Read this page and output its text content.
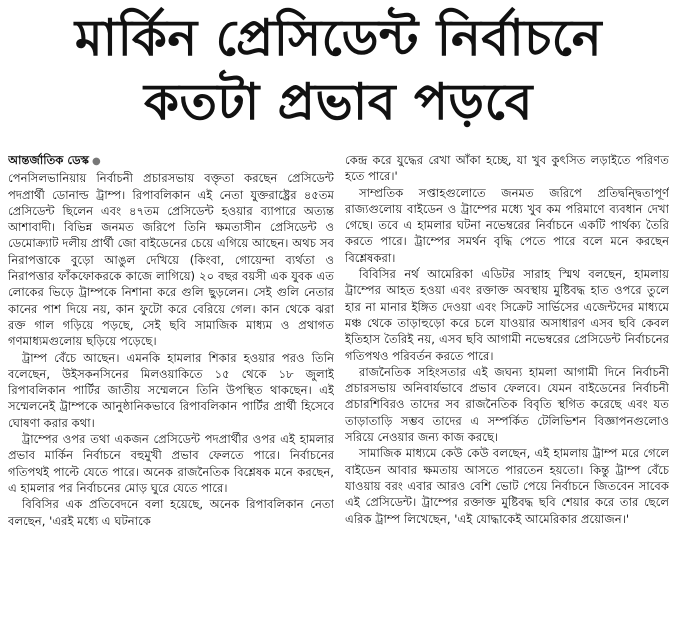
মার্কিন প্রেসিডেন্ট নির্বাচনে
কতটা প্রভাব পড়বে
আন্তর্জাতিক ডেস্ক ●

পেনসিলভানিয়ায় নির্বাচনী প্রচারসভায় বক্তৃতা করছেন প্রেসিডেন্ট পদপ্রার্থী ডোনাল্ড ট্রাম্প। রিপাবলিকান এই নেতা যুক্তরাষ্ট্রের ৪৫তম প্রেসিডেন্ট ছিলেন এবং ৪৭তম প্রেসিডেন্ট হওয়ার ব্যাপারে অত্যন্ত আশাবাদী। বিভিন্ন জনমত জরিপে তিনি ক্ষমতাসীন প্রেসিডেন্ট ও ডেমোক্র্যাট দলীয় প্রার্থী জো বাইডেনের চেয়ে এগিয়ে আছেন। অথচ সব নিরাপত্তাকে বুড়ো আঙুল দেখিয়ে (কিংবা, গোয়েন্দা ব্যর্থতা ও নিরাপত্তার ফাঁকফোকরকে কাজে লাগিয়ে) ২০ বছর বয়সী এক যুবক এত লোকের ভিড়ে ট্রাম্পকে নিশানা করে গুলি ছুড়লেন। সেই গুলি নেতার কানের পাশ দিয়ে নয়, কান ফুটো করে বেরিয়ে গেল। কান থেকে ঝরা রক্ত গাল গড়িয়ে পড়ছে, সেই ছবি সামাজিক মাধ্যম ও প্রথাগত গণমাধ্যমগুলোয় ছড়িয়ে পড়েছে।

ট্রাম্প বেঁচে আছেন। এমনকি হামলার শিকার হওয়ার পরও তিনি বলেছেন, উইসকনসিনের মিলওয়াকিতে ১৫ থেকে ১৮ জুলাই রিপাবলিকান পার্টির জাতীয় সম্মেলনে তিনি উপস্থিত থাকছেন। এই সম্মেলনেই ট্রাম্পকে আনুষ্ঠানিকভাবে রিপাবলিকান পার্টির প্রার্থী হিসেবে ঘোষণা করার কথা।

ট্রাম্পের ওপর তথা একজন প্রেসিডেন্ট পদপ্রার্থীর ওপর এই হামলার প্রভাব মার্কিন নির্বাচনে বহুমুখী প্রভাব ফেলতে পারে। নির্বাচনের গতিপথই পাল্টে যেতে পারে। অনেক রাজনৈতিক বিশ্লেষক মনে করছেন, এ হামলার পর নির্বাচনের মোড় ঘুরে যেতে পারে।

বিবিসির এক প্রতিবেদনে বলা হয়েছে, অনেক রিপাবলিকান নেতা বলছেন, 'এরই মধ্যে এ ঘটনাকে

কেন্দ্র করে যুদ্ধের রেখা আঁকা হচ্ছে, যা খুব কুৎসিত লড়াইতে পরিণত হতে পারে।'

সাম্প্রতিক সপ্তাহগুলোতে জনমত জরিপে প্রতিদ্বন্দ্বিতাপূর্ণ রাজ্যগুলোয় বাইডেন ও ট্রাম্পের মধ্যে খুব কম পরিমাণে ব্যবধান দেখা গেছে। তবে এ হামলার ঘটনা নভেম্বরের নির্বাচনে একটি পার্থক্য তৈরি করতে পারে। ট্রাম্পের সমর্থন বৃদ্ধি পেতে পারে বলে মনে করছেন বিশ্লেষকরা।

বিবিসির নর্থ আমেরিকা এডিটর সারাহ স্মিথ বলছেন, হামলায় ট্রাম্পের আহত হওয়া এবং রক্তাক্ত অবস্থায় মুষ্টিবদ্ধ হাত ওপরে তুলে হার না মানার ইঙ্গিত দেওয়া এবং সিক্রেট সার্ভিসের এজেন্টদের মাধ্যমে মঞ্চ থেকে তাড়াহুড়ো করে চলে যাওয়ার অসাধারণ এসব ছবি কেবল ইতিহাস তৈরিই নয়, এসব ছবি আগামী নভেম্বরের প্রেসিডেন্ট নির্বাচনের গতিপথও পরিবর্তন করতে পারে।

রাজনৈতিক সহিংসতার এই জঘন্য হামলা আগামী দিনে নির্বাচনী প্রচারসভায় অনিবার্যভাবে প্রভাব ফেলবে। যেমন বাইডেনের নির্বাচনী প্রচারশিবিরও তাদের সব রাজনৈতিক বিবৃতি স্থগিত করেছে এবং যত তাড়াতাড়ি সম্ভব তাদের এ সম্পর্কিত টেলিভিশন বিজ্ঞাপনগুলোও সরিয়ে নেওয়ার জন্য কাজ করছে।

সামাজিক মাধ্যমে কেউ কেউ বলছেন, এই হামলায় ট্রাম্প মরে গেলে বাইডেন আবার ক্ষমতায় আসতে পারতেন হয়তো। কিন্তু ট্রাম্প বেঁচে যাওয়ায় বরং এবার আরও বেশি ভোট পেয়ে নির্বাচনে জিতবেন সাবেক এই প্রেসিডেন্ট। ট্রাম্পের রক্তাক্ত মুষ্টিবদ্ধ ছবি শেয়ার করে তার ছেলে এরিক ট্রাম্প লিখেছেন, 'এই যোদ্ধাকেই আমেরিকার প্রয়োজন।'
